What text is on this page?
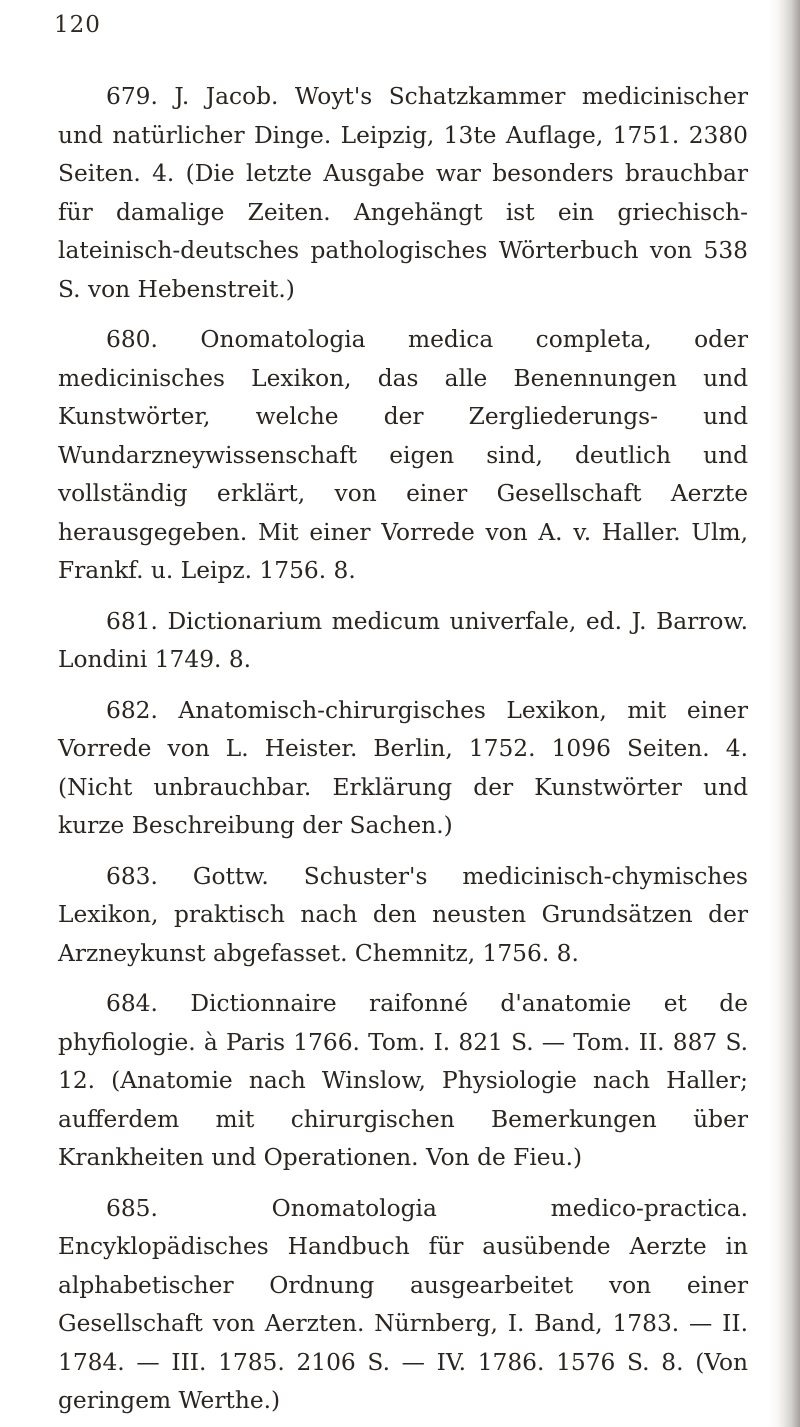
120

679. J. Jacob. Woyt's Schatzkammer medicinischer und natürlicher Dinge. Leipzig, 13te Auflage, 1751. 2380 Seiten. 4. (Die letzte Ausgabe war besonders brauchbar für damalige Zeiten. Angehängt ist ein griechisch-lateinisch-deutsches pathologisches Wörterbuch von 538 S. von Hebenstreit.)

680. Onomatologia medica completa, oder medicinisches Lexikon, das alle Benennungen und Kunstwörter, welche der Zergliederungs- und Wundarzneywissenschaft eigen sind, deutlich und vollständig erklärt, von einer Gesellschaft Aerzte herausgegeben. Mit einer Vorrede von A. v. Haller. Ulm, Frankf. u. Leipz. 1756. 8.

681. Dictionarium medicum univerfale, ed. J. Barrow. Londini 1749. 8.

682. Anatomisch-chirurgisches Lexikon, mit einer Vorrede von L. Heister. Berlin, 1752. 1096 Seiten. 4. (Nicht unbrauchbar. Erklärung der Kunstwörter und kurze Beschreibung der Sachen.)

683. Gottw. Schuster's medicinisch-chymisches Lexikon, praktisch nach den neusten Grundsätzen der Arzneykunst abgefasset. Chemnitz, 1756. 8.

684. Dictionnaire raifonné d'anatomie et de phyfiologie. à Paris 1766. Tom. I. 821 S. — Tom. II. 887 S. 12. (Anatomie nach Winslow, Physiologie nach Haller; aufferdem mit chirurgischen Bemerkungen über Krankheiten und Operationen. Von de Fieu.)

685. Onomatologia medico-practica. Encyklopädisches Handbuch für ausübende Aerzte in alphabetischer Ordnung ausgearbeitet von einer Gesellschaft von Aerzten. Nürnberg, I. Band, 1783. — II. 1784. — III. 1785. 2106 S. — IV. 1786. 1576 S. 8. (Von geringem Werthe.)
